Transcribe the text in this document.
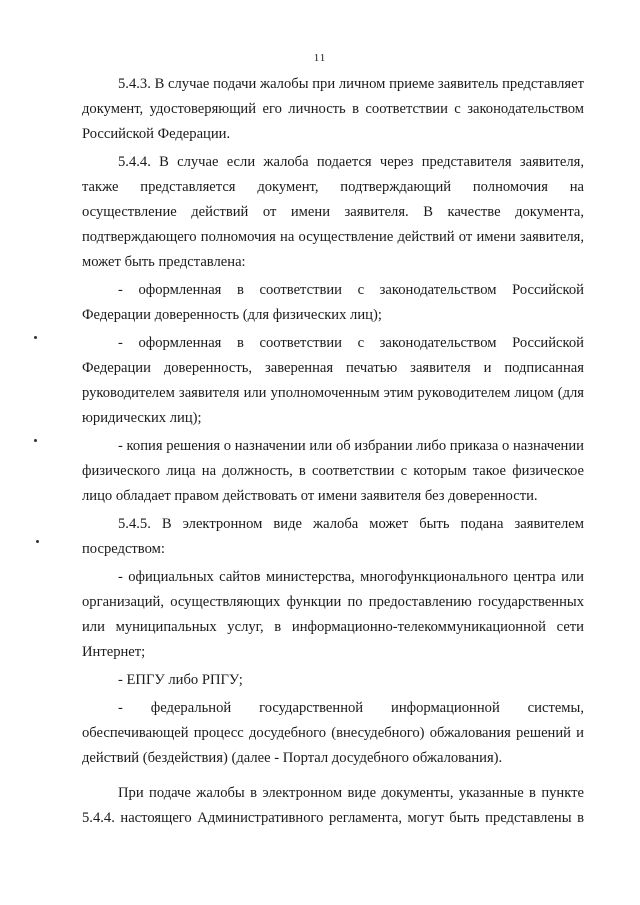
11

5.4.3. В случае подачи жалобы при личном приеме заявитель представляет документ, удостоверяющий его личность в соответствии с законодательством Российской Федерации.

5.4.4. В случае если жалоба подается через представителя заявителя, также представляется документ, подтверждающий полномочия на осуществление действий от имени заявителя. В качестве документа, подтверждающего полномочия на осуществление действий от имени заявителя, может быть представлена:

- оформленная в соответствии с законодательством Российской Федерации доверенность (для физических лиц);

- оформленная в соответствии с законодательством Российской Федерации доверенность, заверенная печатью заявителя и подписанная руководителем заявителя или уполномоченным этим руководителем лицом (для юридических лиц);

- копия решения о назначении или об избрании либо приказа о назначении физического лица на должность, в соответствии с которым такое физическое лицо обладает правом действовать от имени заявителя без доверенности.

5.4.5. В электронном виде жалоба может быть подана заявителем посредством:

- официальных сайтов министерства, многофункционального центра или организаций, осуществляющих функции по предоставлению государственных или муниципальных услуг, в информационно-телекоммуникационной сети Интернет;

- ЕПГУ либо РПГУ;

- федеральной государственной информационной системы, обеспечивающей процесс досудебного (внесудебного) обжалования решений и действий (бездействия) (далее - Портал досудебного обжалования).

При подаче жалобы в электронном виде документы, указанные в пункте 5.4.4. настоящего Административного регламента, могут быть представлены в
